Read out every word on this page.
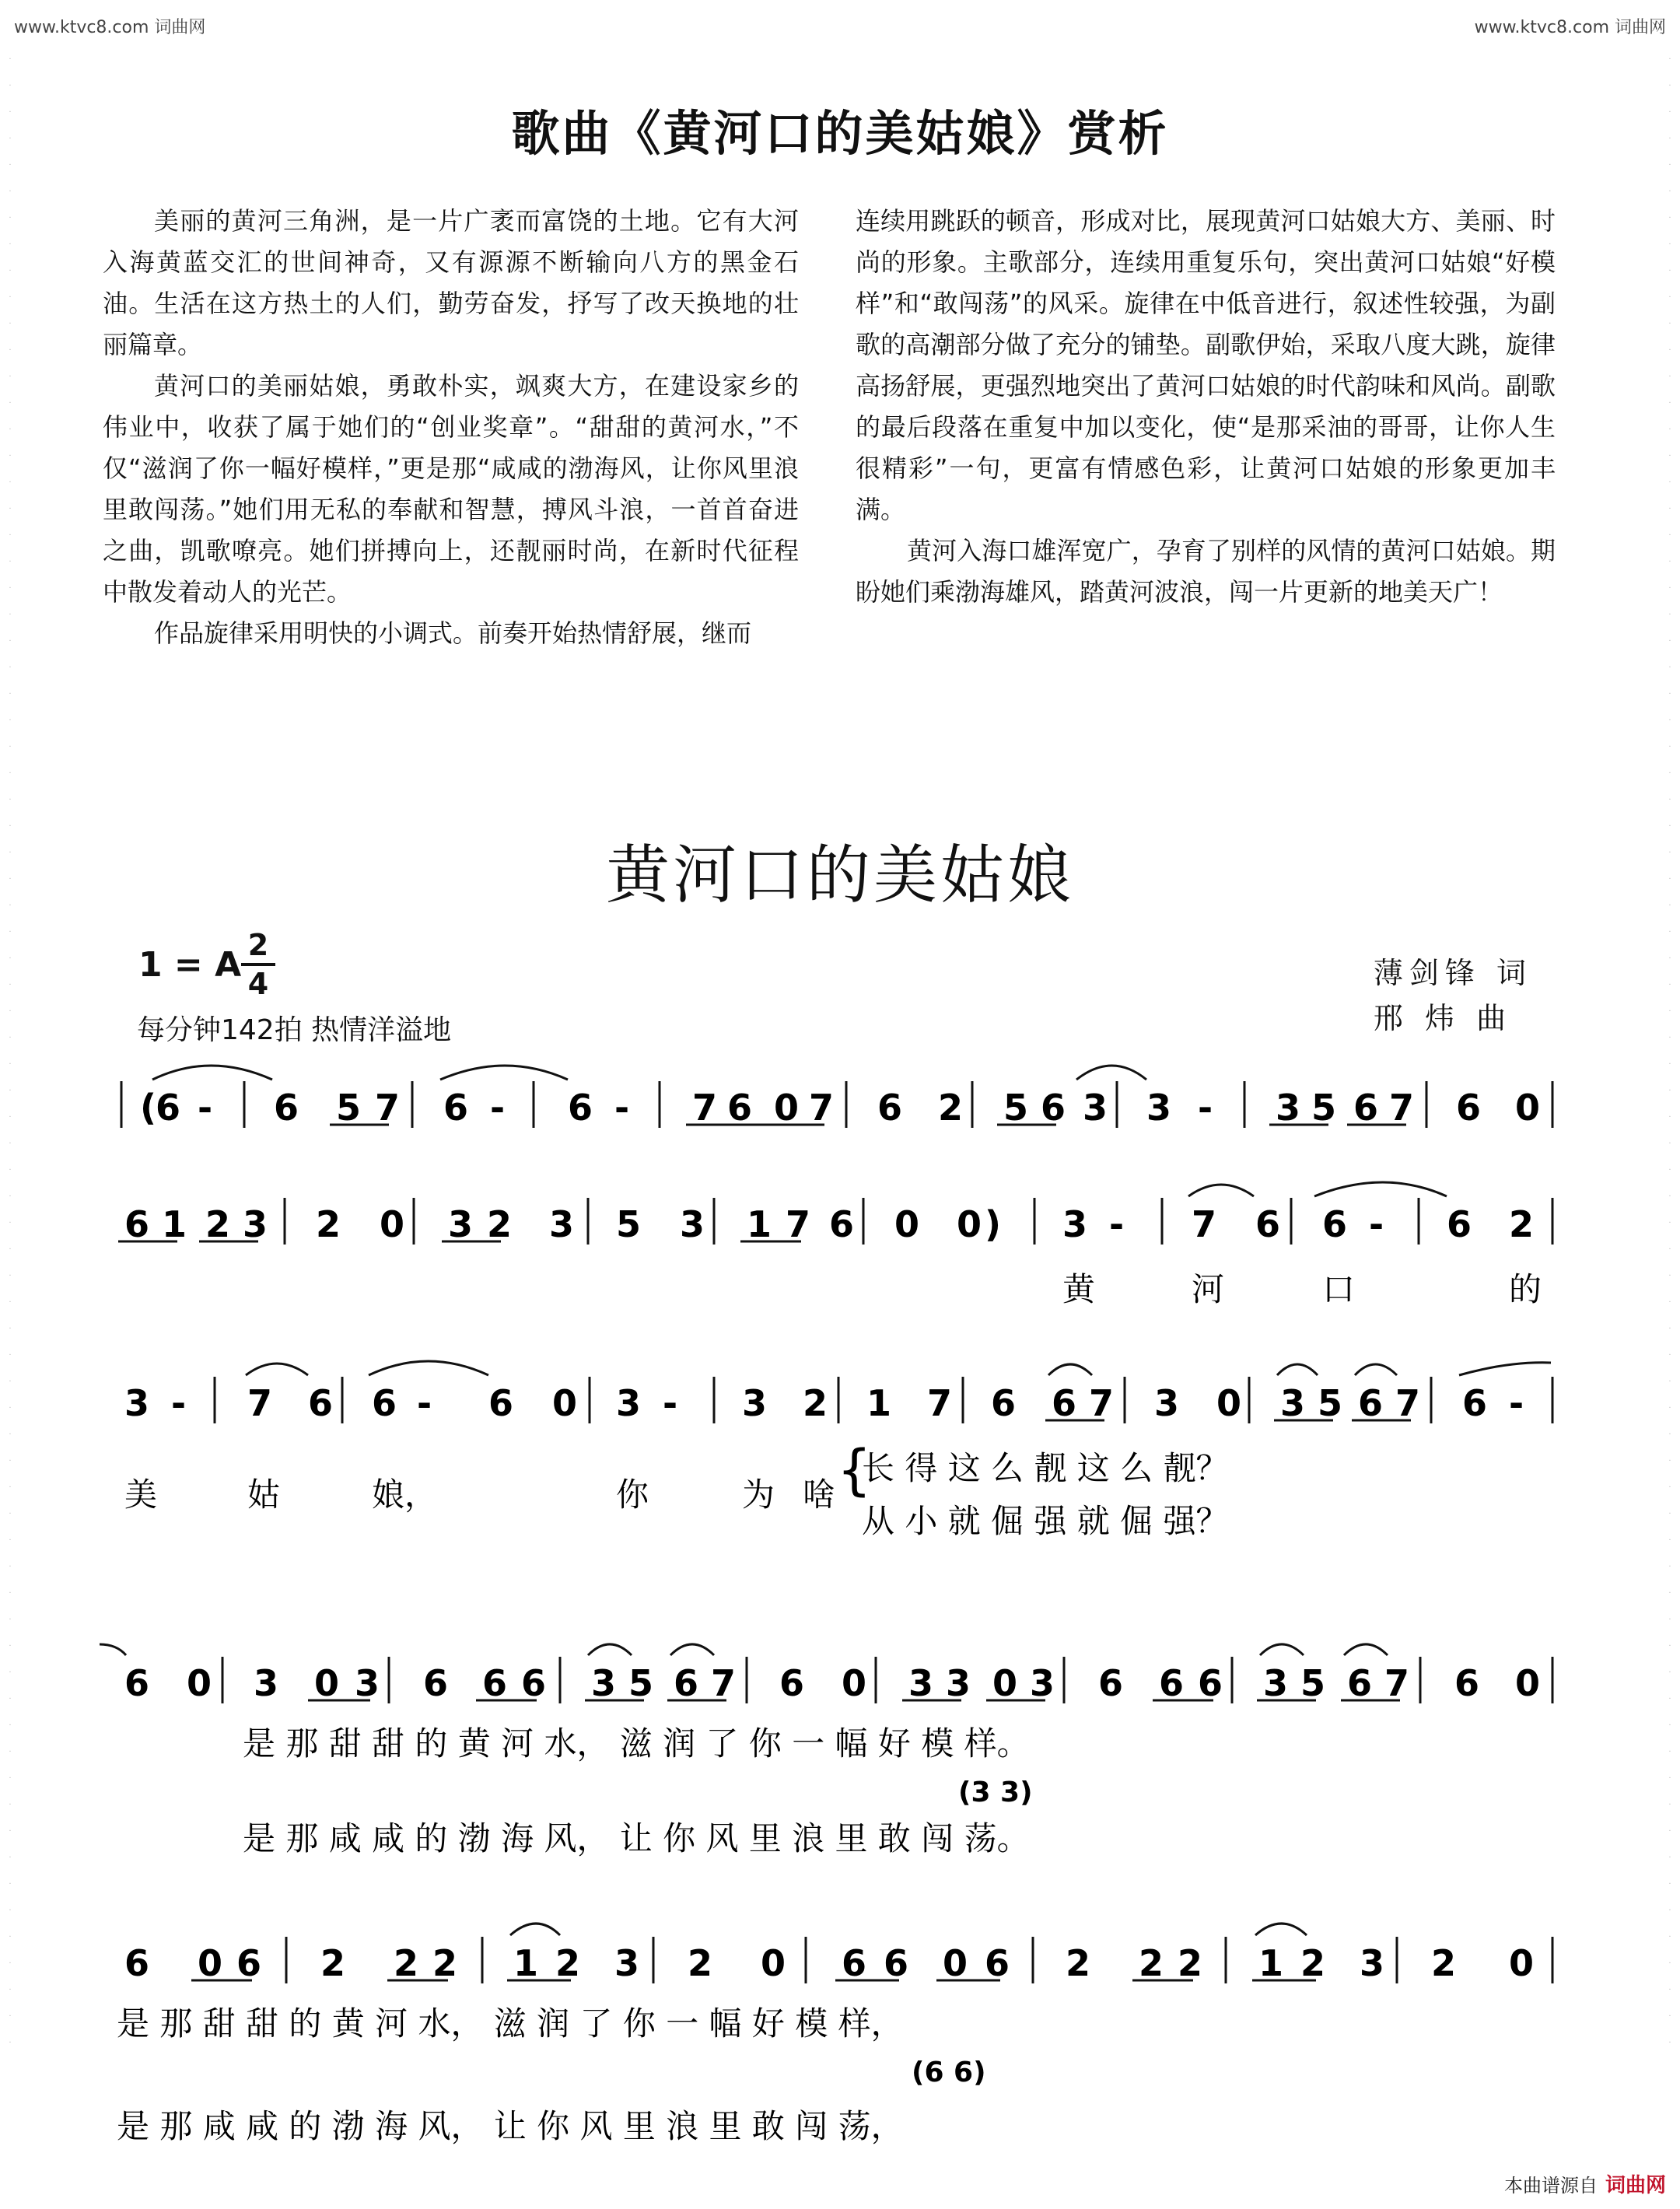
www.ktvc8.com 词曲网	www.ktvc8.com 词曲网
·
·
·
·
·
·
·
·
·
·
·
·
·
·
·
·
·
·
·
·
·
·
·
·
·
·
·
·
·
·
·
·
·
·
·
·
·
·
·
·
·
·
·
·
·
·
·
·
·
·
·
·
·
·
·
·
·
·
·
·
·
·
·
·
·
·
·
·
·
·
·
·
·
·
·
·
·
·
·
·
·
·
·
·
·
·
·
·
·
·
·
·
·
·
·
·
·
·
·
·
·
·
·
·
·
·
·
·
·
·
·
·
·
·
·
·
·
·
·
·
·
·
·
·
·
·
·
·
·
·
·
·
·
·
·
·
·
·
·
·
·
·
·
·
·
·
·
·
·
·
·
·
歌曲《黄河口的美姑娘》赏析

美丽的黄河三角洲，是一片广袤而富饶的土地。它有大河入海黄蓝交汇的世间神奇，又有源源不断输向八方的黑金石油。生活在这方热土的人们，勤劳奋发，抒写了改天换地的壮丽篇章。

黄河口的美丽姑娘，勇敢朴实，飒爽大方，在建设家乡的伟业中，收获了属于她们的“创业奖章”。“甜甜的黄河水，”不仅“滋润了你一幅好模样，”更是那“咸咸的渤海风，让你风里浪里敢闯荡。”她们用无私的奉献和智慧，搏风斗浪，一首首奋进之曲，凯歌嘹亮。她们拼搏向上，还靓丽时尚，在新时代征程中散发着动人的光芒。

作品旋律采用明快的小调式。前奏开始热情舒展，继而

连续用跳跃的顿音，形成对比，展现黄河口姑娘大方、美丽、时尚的形象。主歌部分，连续用重复乐句，突出黄河口姑娘“好模样”和“敢闯荡”的风采。旋律在中低音进行，叙述性较强，为副歌的高潮部分做了充分的铺垫。副歌伊始，采取八度大跳，旋律高扬舒展，更强烈地突出了黄河口姑娘的时代韵味和风尚。副歌的最后段落在重复中加以变化，使“是那采油的哥哥，让你人生很精彩”一句，更富有情感色彩，让黄河口姑娘的形象更加丰满。

黄河入海口雄浑宽广，孕育了别样的风情的黄河口姑娘。期盼她们乘渤海雄风，踏黄河波浪，闯一片更新的地美天广！

黄河口的美姑娘
1 = A 2
4
每分钟142拍 热情洋溢地
薄剑锋 词
邢 炜 曲
(
6 - 6 5 7 6 - 6 - 7 6 0 7 6 2 5 6 3 3 - 3 5 6 7 6 0
6 1 2 3 2 0 3 2 3 5 3 1 7 6 0 0 ) 3 - 7 6 6 - 6 2
3 - 7 6 6 - 6 0 3 - 3 2 1 7 6 6 7 3 0 3 5 6 7 6 -
6 0 3 0 3 6 6 6 3 5 6 7 6 0 3 3 0 3 6 6 6 3 5 6 7 6 0
6 0 6 2 2 2 1 2 3 2 0 6 6 0 6 2 2 2 1 2 3 2 0
黄	河	口	的
美	姑	娘，	你	为 啥 {
长 得 这 么 靓 这 么 靓？
从 小 就 倔 强 就 倔 强？
是 那 甜 甜 的 黄 河 水， 滋 润 了 你 一 幅 好 模 样。
(3 3)
是 那 咸 咸 的 渤 海 风， 让 你 风 里 浪 里 敢 闯 荡。
是 那 甜 甜 的 黄 河 水， 滋 润 了 你 一 幅 好 模 样，
(6 6)
是 那 咸 咸 的 渤 海 风， 让 你 风 里 浪 里 敢 闯 荡，
本曲谱源自 词曲网
